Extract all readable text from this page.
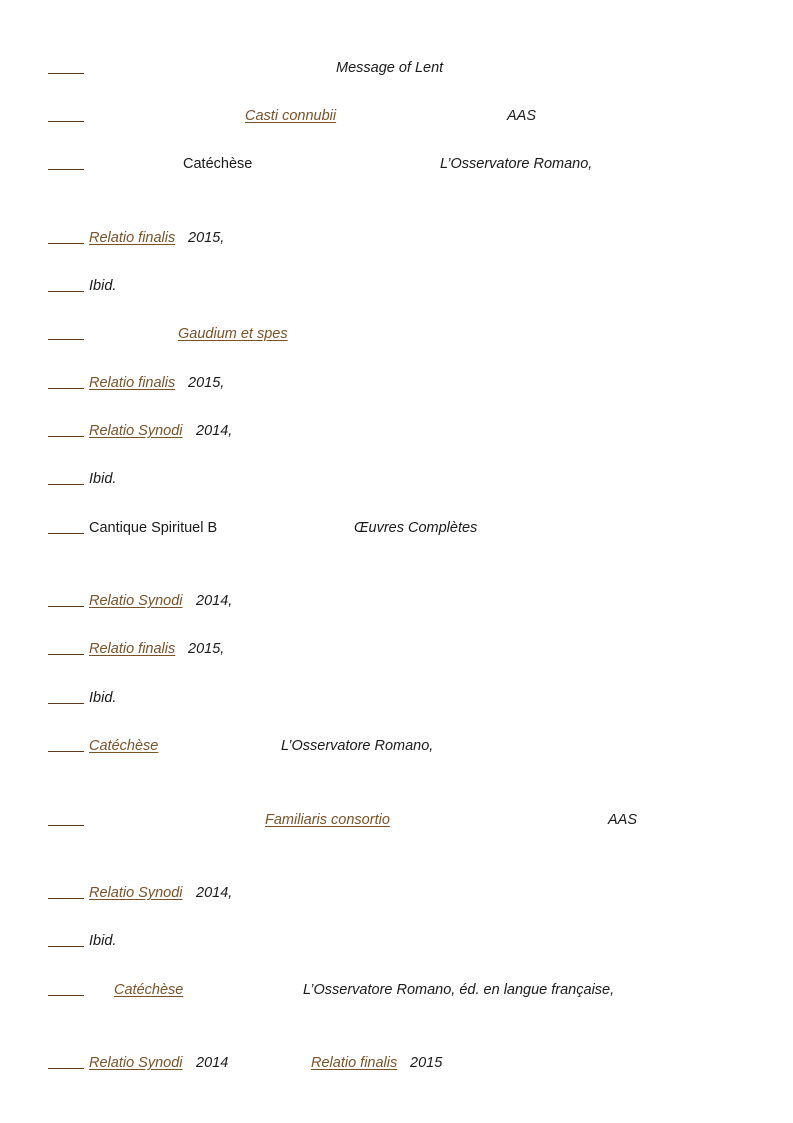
Message of Lent
Casti connubii	AAS
Catéchèse	L’Osservatore Romano,
Relatio finalis 2015,
Ibid.
Gaudium et spes
Relatio finalis 2015,
Relatio Synodi 2014,
Ibid.
Cantique Spirituel B	Œuvres Complètes
Relatio Synodi 2014,
Relatio finalis 2015,
Ibid.
Catéchèse	L’Osservatore Romano,
Familiaris consortio	AAS
Relatio Synodi 2014,
Ibid.
Catéchèse	L’Osservatore Romano, éd. en langue française,
Relatio Synodi 2014	Relatio finalis 2015
